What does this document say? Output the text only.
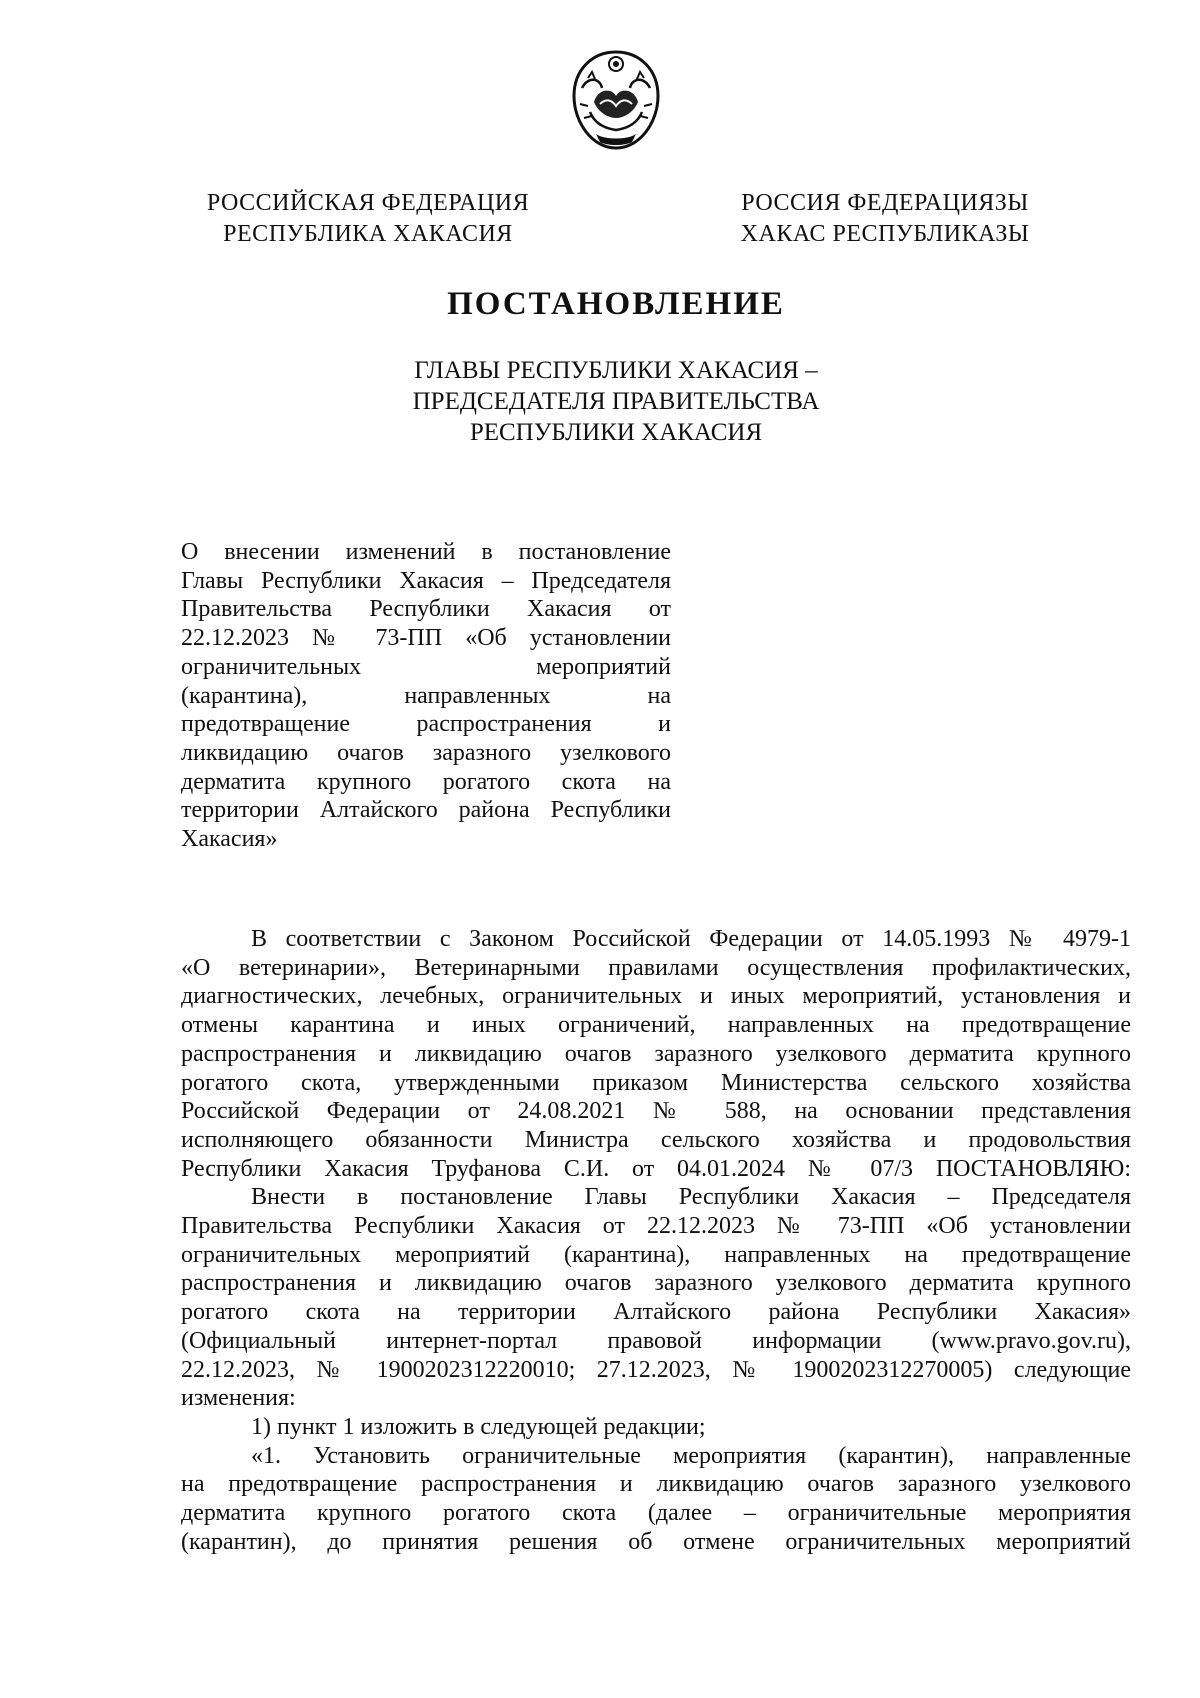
РОССИЙСКАЯ ФЕДЕРАЦИЯ
РЕСПУБЛИКА ХАКАСИЯ
РОССИЯ ФЕДЕРАЦИЯЗЫ
ХАКАС РЕСПУБЛИКАЗЫ
ПОСТАНОВЛЕНИЕ
ГЛАВЫ РЕСПУБЛИКИ ХАКАСИЯ –
ПРЕДСЕДАТЕЛЯ ПРАВИТЕЛЬСТВА
РЕСПУБЛИКИ ХАКАСИЯ
О внесении изменений в постановление
Главы Республики Хакасия – Председателя
Правительства Республики Хакасия от
22.12.2023 № 73-ПП «Об установлении
ограничительных мероприятий
(карантина), направленных на
предотвращение распространения и
ликвидацию очагов заразного узелкового
дерматита крупного рогатого скота на
территории Алтайского района Республики
Хакасия»

В соответствии с Законом Российской Федерации от 14.05.1993 № 4979-1
«О ветеринарии», Ветеринарными правилами осуществления профилактических,
диагностических, лечебных, ограничительных и иных мероприятий, установления и
отмены карантина и иных ограничений, направленных на предотвращение
распространения и ликвидацию очагов заразного узелкового дерматита крупного
рогатого скота, утвержденными приказом Министерства сельского хозяйства
Российской Федерации от 24.08.2021 № 588, на основании представления
исполняющего обязанности Министра сельского хозяйства и продовольствия
Республики Хакасия Труфанова С.И. от 04.01.2024 № 07/3 ПОСТАНОВЛЯЮ:

Внести в постановление Главы Республики Хакасия – Председателя
Правительства Республики Хакасия от 22.12.2023 № 73-ПП «Об установлении
ограничительных мероприятий (карантина), направленных на предотвращение
распространения и ликвидацию очагов заразного узелкового дерматита крупного
рогатого скота на территории Алтайского района Республики Хакасия»
(Официальный интернет-портал правовой информации (www.pravo.gov.ru),
22.12.2023, № 1900202312220010; 27.12.2023, № 1900202312270005) следующие
изменения:

1) пункт 1 изложить в следующей редакции;

«1. Установить ограничительные мероприятия (карантин), направленные
на предотвращение распространения и ликвидацию очагов заразного узелкового
дерматита крупного рогатого скота (далее – ограничительные мероприятия
(карантин), до принятия решения об отмене ограничительных мероприятий
